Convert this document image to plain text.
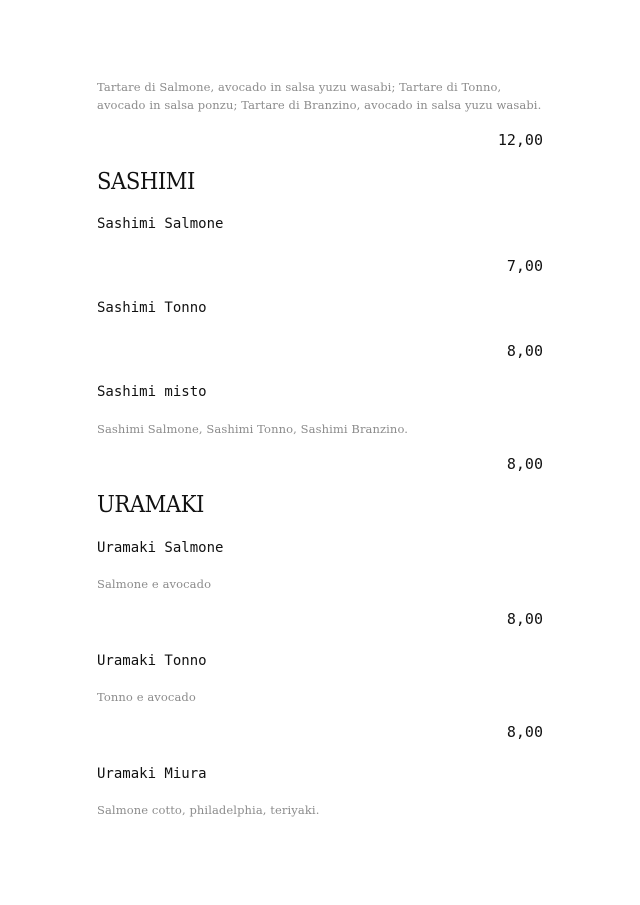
Tartare di Salmone, avocado in salsa yuzu wasabi; Tartare di Tonno,
avocado in salsa ponzu; Tartare di Branzino, avocado in salsa yuzu wasabi.
12,00
SASHIMI
Sashimi Salmone
7,00
Sashimi Tonno
8,00
Sashimi misto
Sashimi Salmone, Sashimi Tonno, Sashimi Branzino.
8,00
URAMAKI
Uramaki Salmone
Salmone e avocado
8,00
Uramaki Tonno
Tonno e avocado
8,00
Uramaki Miura
Salmone cotto, philadelphia, teriyaki.
